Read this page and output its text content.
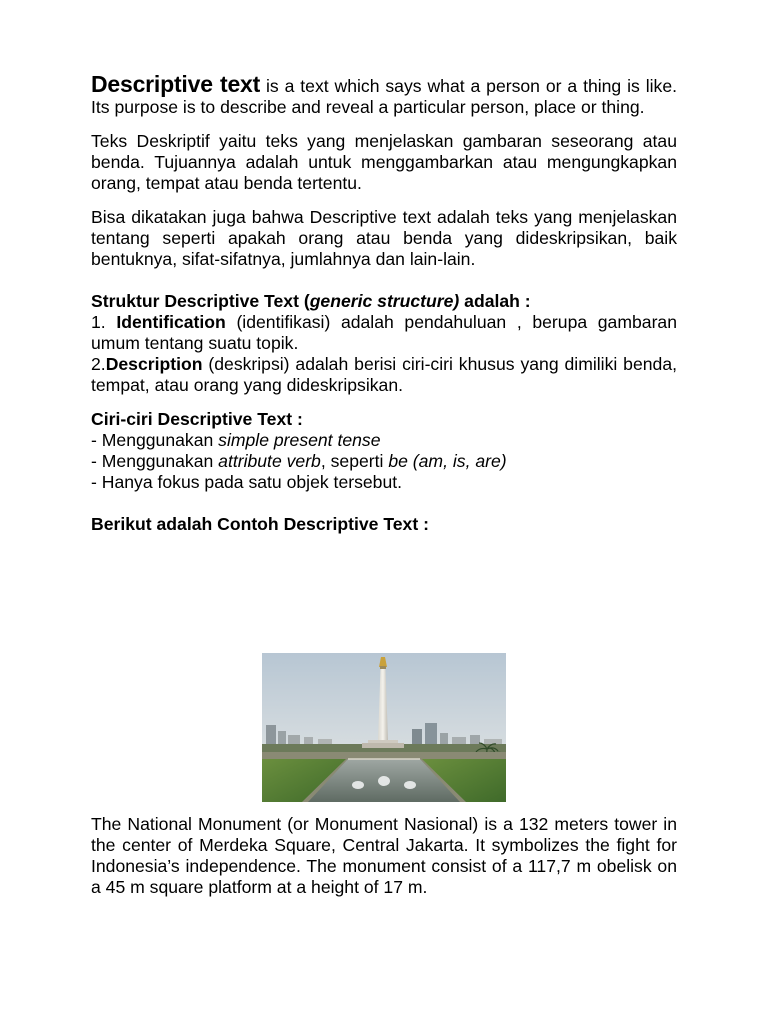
Descriptive text is a text which says what a person or a thing is like. Its purpose is to describe and reveal a particular person, place or thing.

Teks Deskriptif yaitu teks yang menjelaskan gambaran seseorang atau benda. Tujuannya adalah untuk menggambarkan atau mengungkapkan orang, tempat atau benda tertentu.

Bisa dikatakan juga bahwa Descriptive text adalah teks yang menjelaskan tentang seperti apakah orang atau benda yang dideskripsikan, baik bentuknya, sifat-sifatnya, jumlahnya dan lain-lain.

Struktur Descriptive Text (generic structure) adalah :

1. Identification (identifikasi) adalah pendahuluan , berupa gambaran umum tentang suatu topik.

2.Description (deskripsi) adalah berisi ciri-ciri khusus yang dimiliki benda, tempat, atau orang yang dideskripsikan.

Ciri-ciri Descriptive Text :

- Menggunakan simple present tense

- Menggunakan attribute verb, seperti be (am, is, are)

- Hanya fokus pada satu objek tersebut.

Berikut adalah Contoh Descriptive Text :

The National Monument (or Monument Nasional) is a 132 meters tower in the center of Merdeka Square, Central Jakarta. It symbolizes the fight for Indonesia’s independence. The monument consist of a 117,7 m obelisk on a 45 m square platform at a height of 17 m.
